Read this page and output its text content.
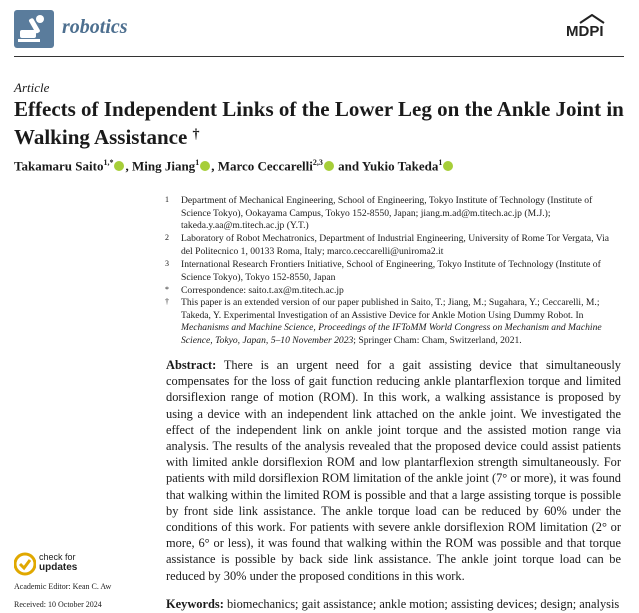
robotics	MDPI
Article
Effects of Independent Links of the Lower Leg on the Ankle Joint in Walking Assistance †
Takamaru Saito$^{1,*}$ , Ming Jiang$^1$ , Marco Ceccarelli$^{2,3}$ and Yukio Takeda$^1$
1 Department of Mechanical Engineering, School of Engineering, Tokyo Institute of Technology (Institute of Science Tokyo), Ookayama Campus, Tokyo 152-8550, Japan; jiang.m.ad@m.titech.ac.jp (M.J.); takeda.y.aa@m.titech.ac.jp (Y.T.)
2 Laboratory of Robot Mechatronics, Department of Industrial Engineering, University of Rome Tor Vergata, Via del Politecnico 1, 00133 Roma, Italy; marco.ceccarelli@uniroma2.it
3 International Research Frontiers Initiative, School of Engineering, Tokyo Institute of Technology (Institute of Science Tokyo), Tokyo 152-8550, Japan
* Correspondence: saito.t.ax@m.titech.ac.jp
† This paper is an extended version of our paper published in Saito, T.; Jiang, M.; Sugahara, Y.; Ceccarelli, M.; Takeda, Y. Experimental Investigation of an Assistive Device for Ankle Motion Using Dummy Robot. In Mechanisms and Machine Science, Proceedings of the IFToMM World Congress on Mechanism and Machine Science, Tokyo, Japan, 5–10 November 2023; Springer Cham: Cham, Switzerland, 2021.
Abstract: There is an urgent need for a gait assisting device that simultaneously compensates for the loss of gait function reducing ankle plantarflexion torque and limited dorsiflexion range of motion (ROM). In this work, a walking assistance is proposed by using a device with an independent link attached on the ankle joint. We investigated the effect of the independent link on ankle joint torque and the assisted motion range via analysis. The results of the analysis revealed that the proposed device could assist patients with limited ankle dorsiflexion ROM and low plantarflexion strength simultaneously. For patients with mild dorsiflexion ROM limitation of the ankle joint (7° or more), it was found that walking within the limited ROM is possible and that a large assisting torque is possible by front side link assistance. The ankle torque load can be reduced by 60% under the conditions of this work. For patients with severe ankle dorsiflexion ROM limitation (2° or more, 6° or less), it was found that walking within the ROM was possible and that torque assistance is possible by back side link assistance. The ankle joint torque load can be reduced by 30% under the proposed conditions in this work.
Keywords: biomechanics; gait assistance; ankle motion; assisting devices; design; analysis
check for
updates
Academic Editor: Kean C. Aw
Received: 10 October 2024
